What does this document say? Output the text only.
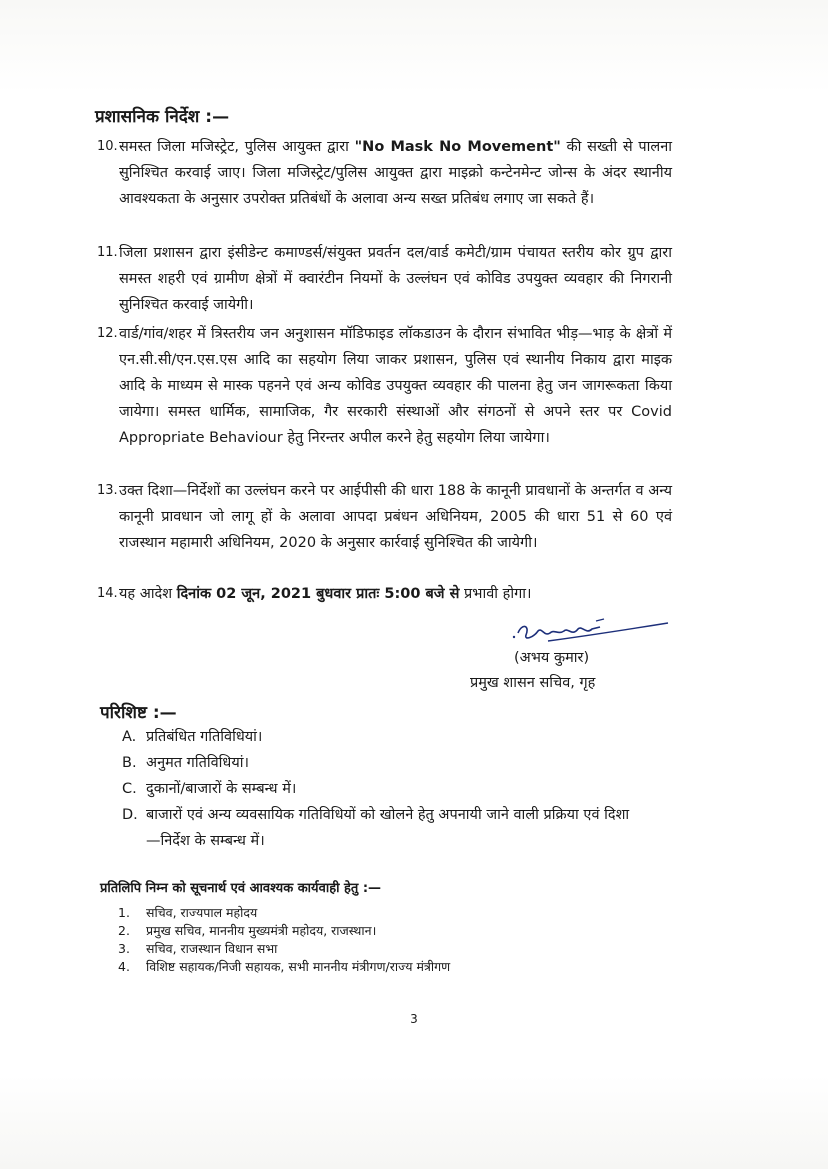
प्रशासनिक निर्देश :—
10. समस्त जिला मजिस्ट्रेट, पुलिस आयुक्त द्वारा "No Mask No Movement" की सख्ती से पालना सुनिश्चित करवाई जाए। जिला मजिस्ट्रेट/पुलिस आयुक्त द्वारा माइक्रो कन्टेनमेन्ट जोन्स के अंदर स्थानीय आवश्यकता के अनुसार उपरोक्त प्रतिबंधों के अलावा अन्य सख्त प्रतिबंध लगाए जा सकते हैं।
11. जिला प्रशासन द्वारा इंसीडेन्ट कमाण्डर्स/संयुक्त प्रवर्तन दल/वार्ड कमेटी/ग्राम पंचायत स्तरीय कोर ग्रुप द्वारा समस्त शहरी एवं ग्रामीण क्षेत्रों में क्वारंटीन नियमों के उल्लंघन एवं कोविड उपयुक्त व्यवहार की निगरानी सुनिश्चित करवाई जायेगी।
12. वार्ड/गांव/शहर में त्रिस्तरीय जन अनुशासन मॉडिफाइड लॉकडाउन के दौरान संभावित भीड़—भाड़ के क्षेत्रों में एन.सी.सी/एन.एस.एस आदि का सहयोग लिया जाकर प्रशासन, पुलिस एवं स्थानीय निकाय द्वारा माइक आदि के माध्यम से मास्क पहनने एवं अन्य कोविड उपयुक्त व्यवहार की पालना हेतु जन जागरूकता किया जायेगा। समस्त धार्मिक, सामाजिक, गैर सरकारी संस्थाओं और संगठनों से अपने स्तर पर Covid Appropriate Behaviour हेतु निरन्तर अपील करने हेतु सहयोग लिया जायेगा।
13. उक्त दिशा—निर्देशों का उल्लंघन करने पर आईपीसी की धारा 188 के कानूनी प्रावधानों के अन्तर्गत व अन्य कानूनी प्रावधान जो लागू हों के अलावा आपदा प्रबंधन अधिनियम, 2005 की धारा 51 से 60 एवं राजस्थान महामारी अधिनियम, 2020 के अनुसार कार्रवाई सुनिश्चित की जायेगी।
14. यह आदेश दिनांक 02 जून, 2021 बुधवार प्रातः 5:00 बजे से प्रभावी होगा।
(अभय कुमार)
प्रमुख शासन सचिव, गृह
परिशिष्ट :—
A. प्रतिबंधित गतिविधियां।
B. अनुमत गतिविधियां।
C. दुकानों/बाजारों के सम्बन्ध में।
D. बाजारों एवं अन्य व्यवसायिक गतिविधियों को खोलने हेतु अपनायी जाने वाली प्रक्रिया एवं दिशा—निर्देश के सम्बन्ध में।
प्रतिलिपि निम्न को सूचनार्थ एवं आवश्यक कार्यवाही हेतु :—
1. सचिव, राज्यपाल महोदय
2. प्रमुख सचिव, माननीय मुख्यमंत्री महोदय, राजस्थान।
3. सचिव, राजस्थान विधान सभा
4. विशिष्ट सहायक/निजी सहायक, सभी माननीय मंत्रीगण/राज्य मंत्रीगण
3
